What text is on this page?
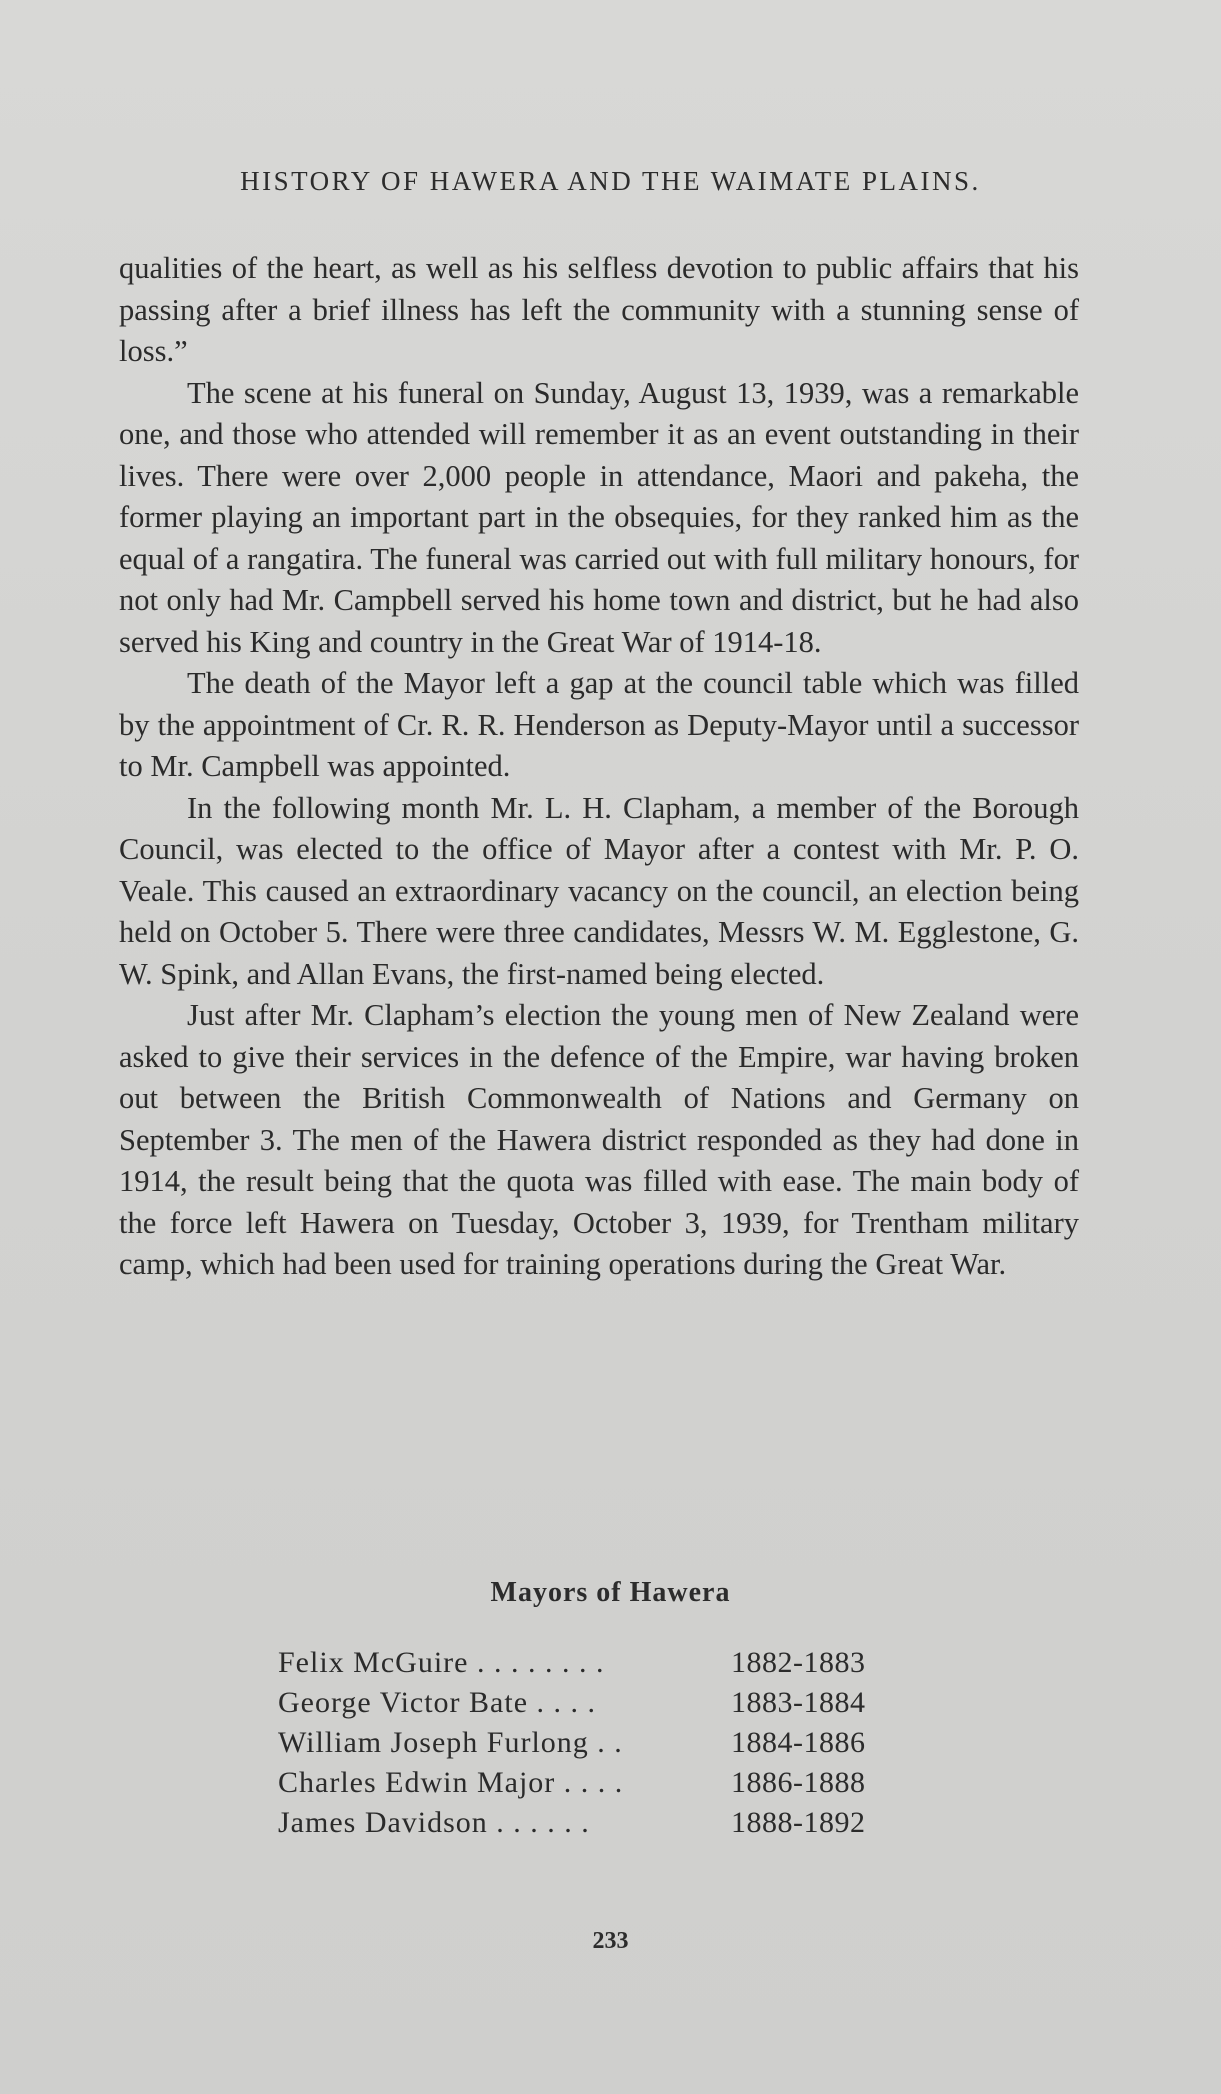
HISTORY OF HAWERA AND THE WAIMATE PLAINS.

qualities of the heart, as well as his selfless devotion to public affairs that his passing after a brief illness has left the community with a stunning sense of loss.”

The scene at his funeral on Sunday, August 13, 1939, was a remarkable one, and those who attended will remember it as an event outstanding in their lives. There were over 2,000 people in attendance, Maori and pakeha, the former playing an important part in the obsequies, for they ranked him as the equal of a rangatira. The funeral was carried out with full military honours, for not only had Mr. Campbell served his home town and district, but he had also served his King and country in the Great War of 1914-18.

The death of the Mayor left a gap at the council table which was filled by the appointment of Cr. R. R. Henderson as Deputy-Mayor until a successor to Mr. Campbell was appointed.

In the following month Mr. L. H. Clapham, a member of the Borough Council, was elected to the office of Mayor after a contest with Mr. P. O. Veale. This caused an extraordinary vacancy on the council, an election being held on October 5. There were three candidates, Messrs W. M. Egglestone, G. W. Spink, and Allan Evans, the first-named being elected.

Just after Mr. Clapham’s election the young men of New Zealand were asked to give their services in the defence of the Empire, war having broken out between the British Commonwealth of Nations and Germany on September 3. The men of the Hawera district responded as they had done in 1914, the result being that the quota was filled with ease. The main body of the force left Hawera on Tuesday, October 3, 1939, for Trentham military camp, which had been used for training operations during the Great War.

Mayors of Hawera
Felix McGuire . . . . . . . .	1882-1883
George Victor Bate . . . .	1883-1884
William Joseph Furlong . .	1884-1886
Charles Edwin Major . . . .	1886-1888
James Davidson . . . . . .	1888-1892
233
